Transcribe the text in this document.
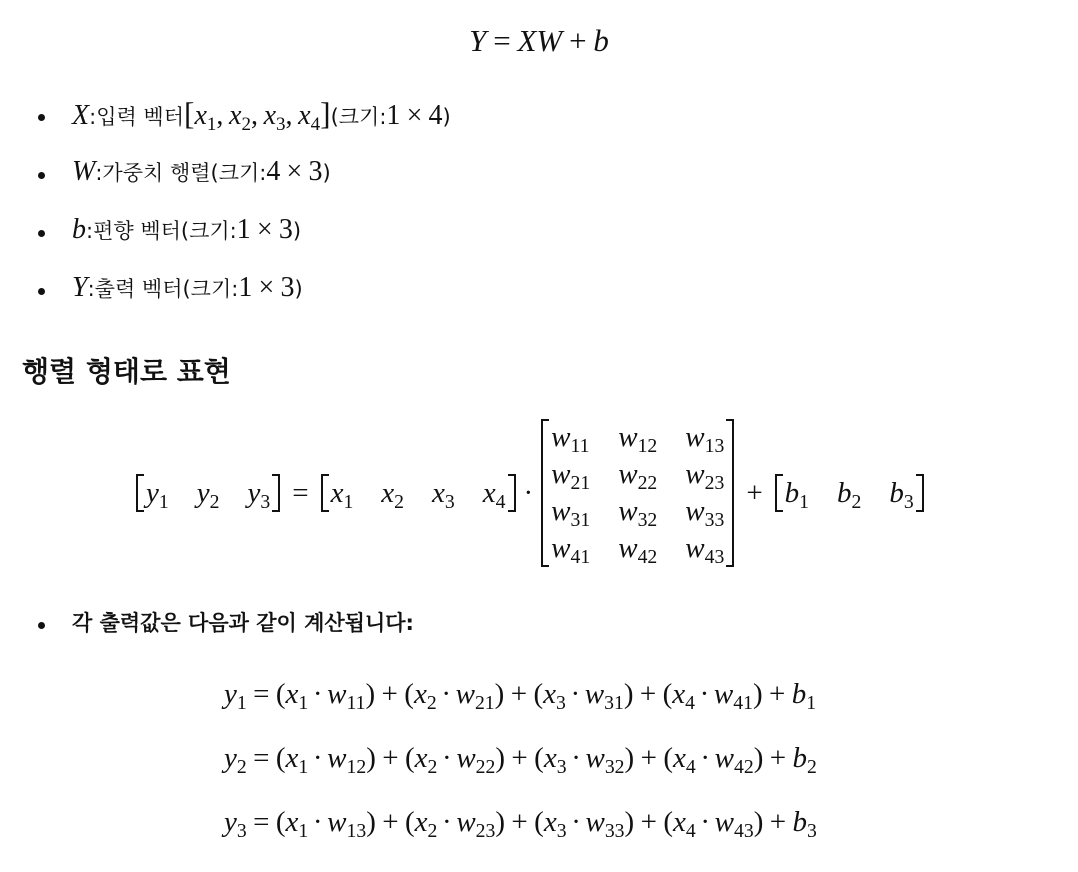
Y = XW + b
X : 입력 벡터 [$x_1$,  $x_2$,  $x_3$,  $x_4$] (크기: 1 × 4 )
W : 가중치 행렬 (크기: 4 × 3 )
b : 편향 벡터 (크기: 1 × 3 )
Y : 출력 벡터 (크기: 1 × 3 )
행렬 형태로 표현
$y_1$ $y_2$ $y_3 = x_1$ $x_2$ $x_3$ $x_4$ ·
$w_{11}$	$w_{12}$	$w_{13}$
$w_{21}$	$w_{22}$	$w_{23}$
$w_{31}$	$w_{32}$	$w_{33}$
$w_{41}$	$w_{42}$	$w_{43}$
+ $b_1$ $b_2$ $b_3$
각 출력값은 다음과 같이 계산됩니다:
$y_1 = (x_1 \cdot w_{11}) + (x_2 \cdot w_{21}) + (x_3 \cdot w_{31}) + (x_4 \cdot w_{41}) + b_1$
$y_2 = (x_1 \cdot w_{12}) + (x_2 \cdot w_{22}) + (x_3 \cdot w_{32}) + (x_4 \cdot w_{42}) + b_2$
$y_3 = (x_1 \cdot w_{13}) + (x_2 \cdot w_{23}) + (x_3 \cdot w_{33}) + (x_4 \cdot w_{43}) + b_3$
